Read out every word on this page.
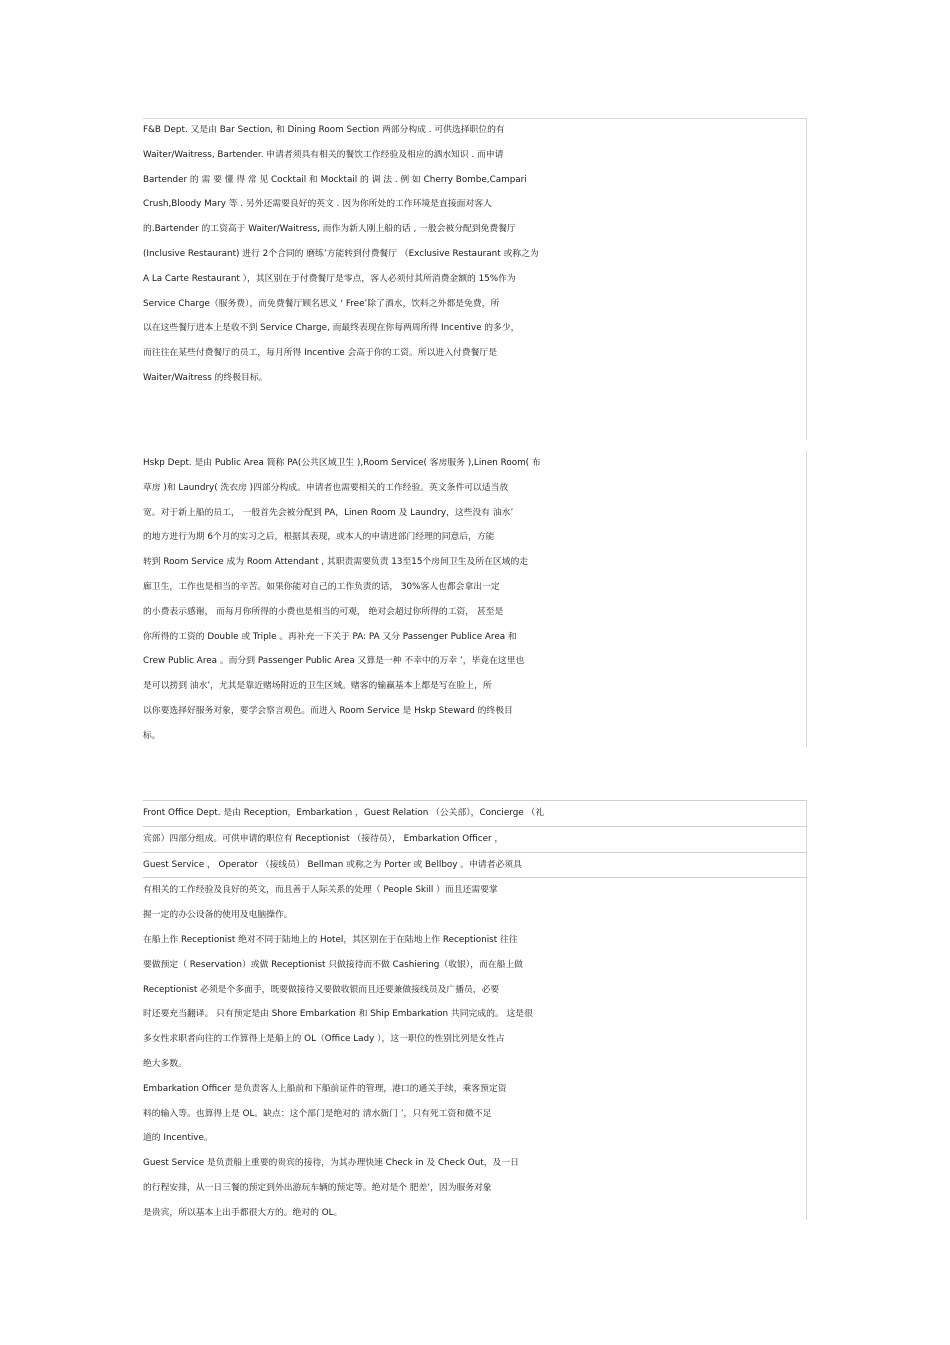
F&B Dept. 又是由 Bar Section, 和 Dining Room Section 两部分构成 . 可供选择职位的有
Waiter/Waitress, Bartender. 申请者须具有相关的餐饮工作经验及相应的酒水知识 . 而申请
Bartender 的 需 要 懂 得 常 见 Cocktail 和 Mocktail 的 调 法 . 例 如 Cherry Bombe,Campari
Crush,Bloody Mary 等 . 另外还需要良好的英文 . 因为你所处的工作环境是直接面对客人
的.Bartender 的工资高于 Waiter/Waitress, 而作为新人刚上船的话 , 一般会被分配到免费餐厅
(Inclusive Restaurant) 进行 2个合同的 磨练’方能转到付费餐厅 （Exclusive Restaurant 或称之为
A La Carte Restaurant ），其区别在于付费餐厅是零点，客人必须付其所消费金额的 15%作为
Service Charge（服务费），而免费餐厅顾名思义 ‘ Free’除了酒水，饮料之外都是免费，所
以在这些餐厅进本上是收不到 Service Charge, 而最终表现在你每两周所得 Incentive 的多少，
而往往在某些付费餐厅的员工，每月所得 Incentive 会高于你的工资。所以进入付费餐厅是
Waiter/Waitress 的终极目标。
Hskp Dept. 是由 Public Area 简称 PA(公共区域卫生 ),Room Service( 客房服务 ),Linen Room( 布
草房 )和 Laundry( 洗衣房 )四部分构成。申请者也需要相关的工作经验。英文条件可以适当放
宽。对于新上船的员工， 一般首先会被分配到 PA，Linen Room 及 Laundry，这些没有 油水’
的地方进行为期 6个月的实习之后，根据其表现，或本人的申请进部门经理的同意后，方能
转到 Room Service 成为 Room Attendant , 其职责需要负责 13至15个房间卫生及所在区域的走
廊卫生，工作也是相当的辛苦。如果你能对自己的工作负责的话， 30%客人也都会拿出一定
的小费表示感谢， 而每月你所得的小费也是相当的可观， 绝对会超过你所得的工资， 甚至是
你所得的工资的 Double 或 Triple 。再补充一下关于 PA: PA 又分 Passenger Publice Area 和
Crew Public Area 。而分到 Passenger Public Area 又算是一种 不幸中的万幸 ’，毕竟在这里也
是可以捞到 油水’，尤其是靠近赌场附近的卫生区域。赌客的输赢基本上都是写在脸上，所
以你要选择好服务对象，要学会察言观色。而进入 Room Service 是 Hskp Steward 的终极目
标。
Front Office Dept. 是由 Reception，Embarkation ，Guest Relation （公关部），Concierge （礼
宾部）四部分组成。可供申请的职位有 Receptionist （接待员）， Embarkation Officer ，
Guest Service ， Operator （接线员） Bellman 或称之为 Porter 或 Bellboy 。申请者必须具
有相关的工作经验及良好的英文，而且善于人际关系的处理（ People Skill ）而且还需要掌
握一定的办公设备的使用及电脑操作。
在船上作 Receptionist 绝对不同于陆地上的 Hotel，其区别在于在陆地上作 Receptionist 往往
要做预定（ Reservation）或做 Receptionist 只做接待而不做 Cashiering（收银），而在船上做
Receptionist 必须是个多面手，既要做接待又要做收银而且还要兼做接线员及广播员，必要
时还要充当翻译。 只有预定是由 Shore Embarkation 和 Ship Embarkation 共同完成的。 这是很
多女性求职者向往的工作算得上是船上的 OL（Office Lady ），这一职位的性别比列是女性占
绝大多数。
Embarkation Officer 是负责客人上船前和下船前证件的管理，港口的通关手续，乘客预定资
料的输入等。也算得上是 OL。缺点：这个部门是绝对的 清水衙门 ’，只有死工资和微不足
道的 Incentive。
Guest Service 是负责船上重要的贵宾的接待，为其办理快速 Check in 及 Check Out，及一日
的行程安排，从一日三餐的预定到外出游玩车辆的预定等。绝对是个 肥差’，因为服务对象
是贵宾，所以基本上出手都很大方的。绝对的 OL。
